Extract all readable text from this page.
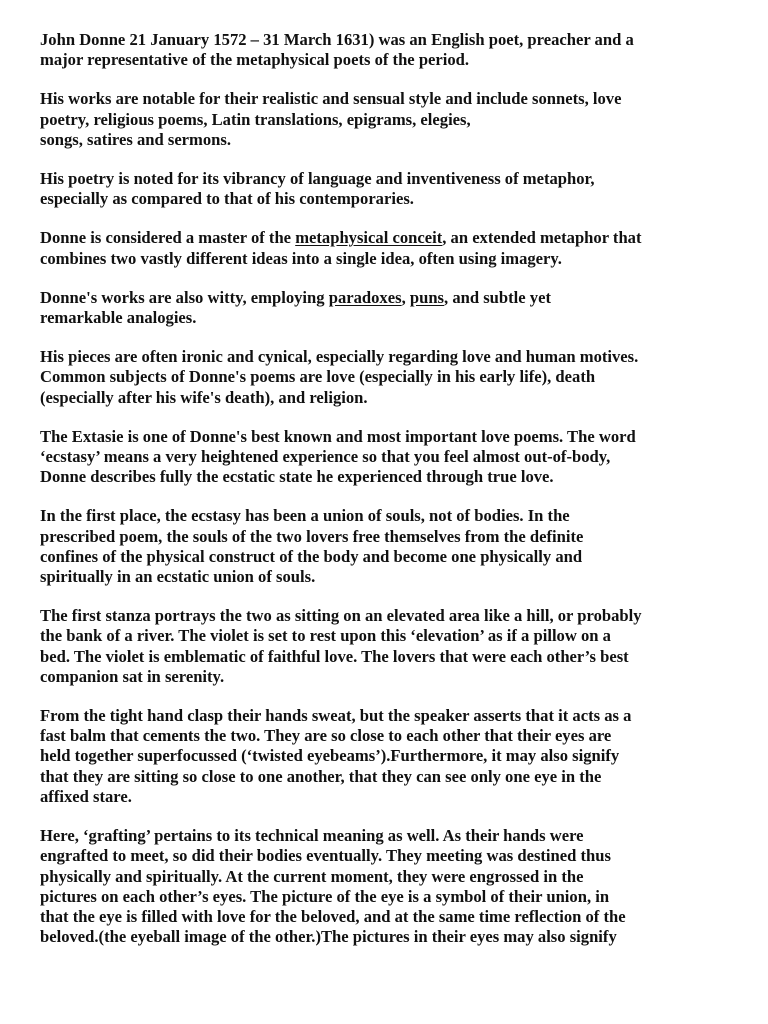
John Donne 21 January 1572 – 31 March 1631) was an English poet, preacher and a
major representative of the metaphysical poets of the period.

His works are notable for their realistic and sensual style and include sonnets, love
poetry, religious poems, Latin translations, epigrams, elegies,
songs, satires and sermons.

His poetry is noted for its vibrancy of language and inventiveness of metaphor,
especially as compared to that of his contemporaries.

Donne is considered a master of the metaphysical conceit, an extended metaphor that
combines two vastly different ideas into a single idea, often using imagery.

Donne's works are also witty, employing paradoxes, puns, and subtle yet
remarkable analogies.

His pieces are often ironic and cynical, especially regarding love and human motives.
Common subjects of Donne's poems are love (especially in his early life), death
(especially after his wife's death), and religion.

The Extasie is one of Donne's best known and most important love poems. The word
‘ecstasy’ means a very heightened experience so that you feel almost out-of-body,
Donne describes fully the ecstatic state he experienced through true love.

In the first place, the ecstasy has been a union of souls, not of bodies. In the
prescribed poem, the souls of the two lovers free themselves from the definite
confines of the physical construct of the body and become one physically and
spiritually in an ecstatic union of souls.

The first stanza portrays the two as sitting on an elevated area like a hill, or probably
the bank of a river. The violet is set to rest upon this ‘elevation’ as if a pillow on a
bed. The violet is emblematic of faithful love. The lovers that were each other’s best
companion sat in serenity.

From the tight hand clasp their hands sweat, but the speaker asserts that it acts as a
fast balm that cements the two. They are so close to each other that their eyes are
held together superfocussed (‘twisted eyebeams’).Furthermore, it may also signify
that they are sitting so close to one another, that they can see only one eye in the
affixed stare.

Here, ‘grafting’ pertains to its technical meaning as well. As their hands were
engrafted to meet, so did their bodies eventually. They meeting was destined thus
physically and spiritually. At the current moment, they were engrossed in the
pictures on each other’s eyes. The picture of the eye is a symbol of their union, in
that the eye is filled with love for the beloved, and at the same time reflection of the
beloved.(the eyeball image of the other.)The pictures in their eyes may also signify
